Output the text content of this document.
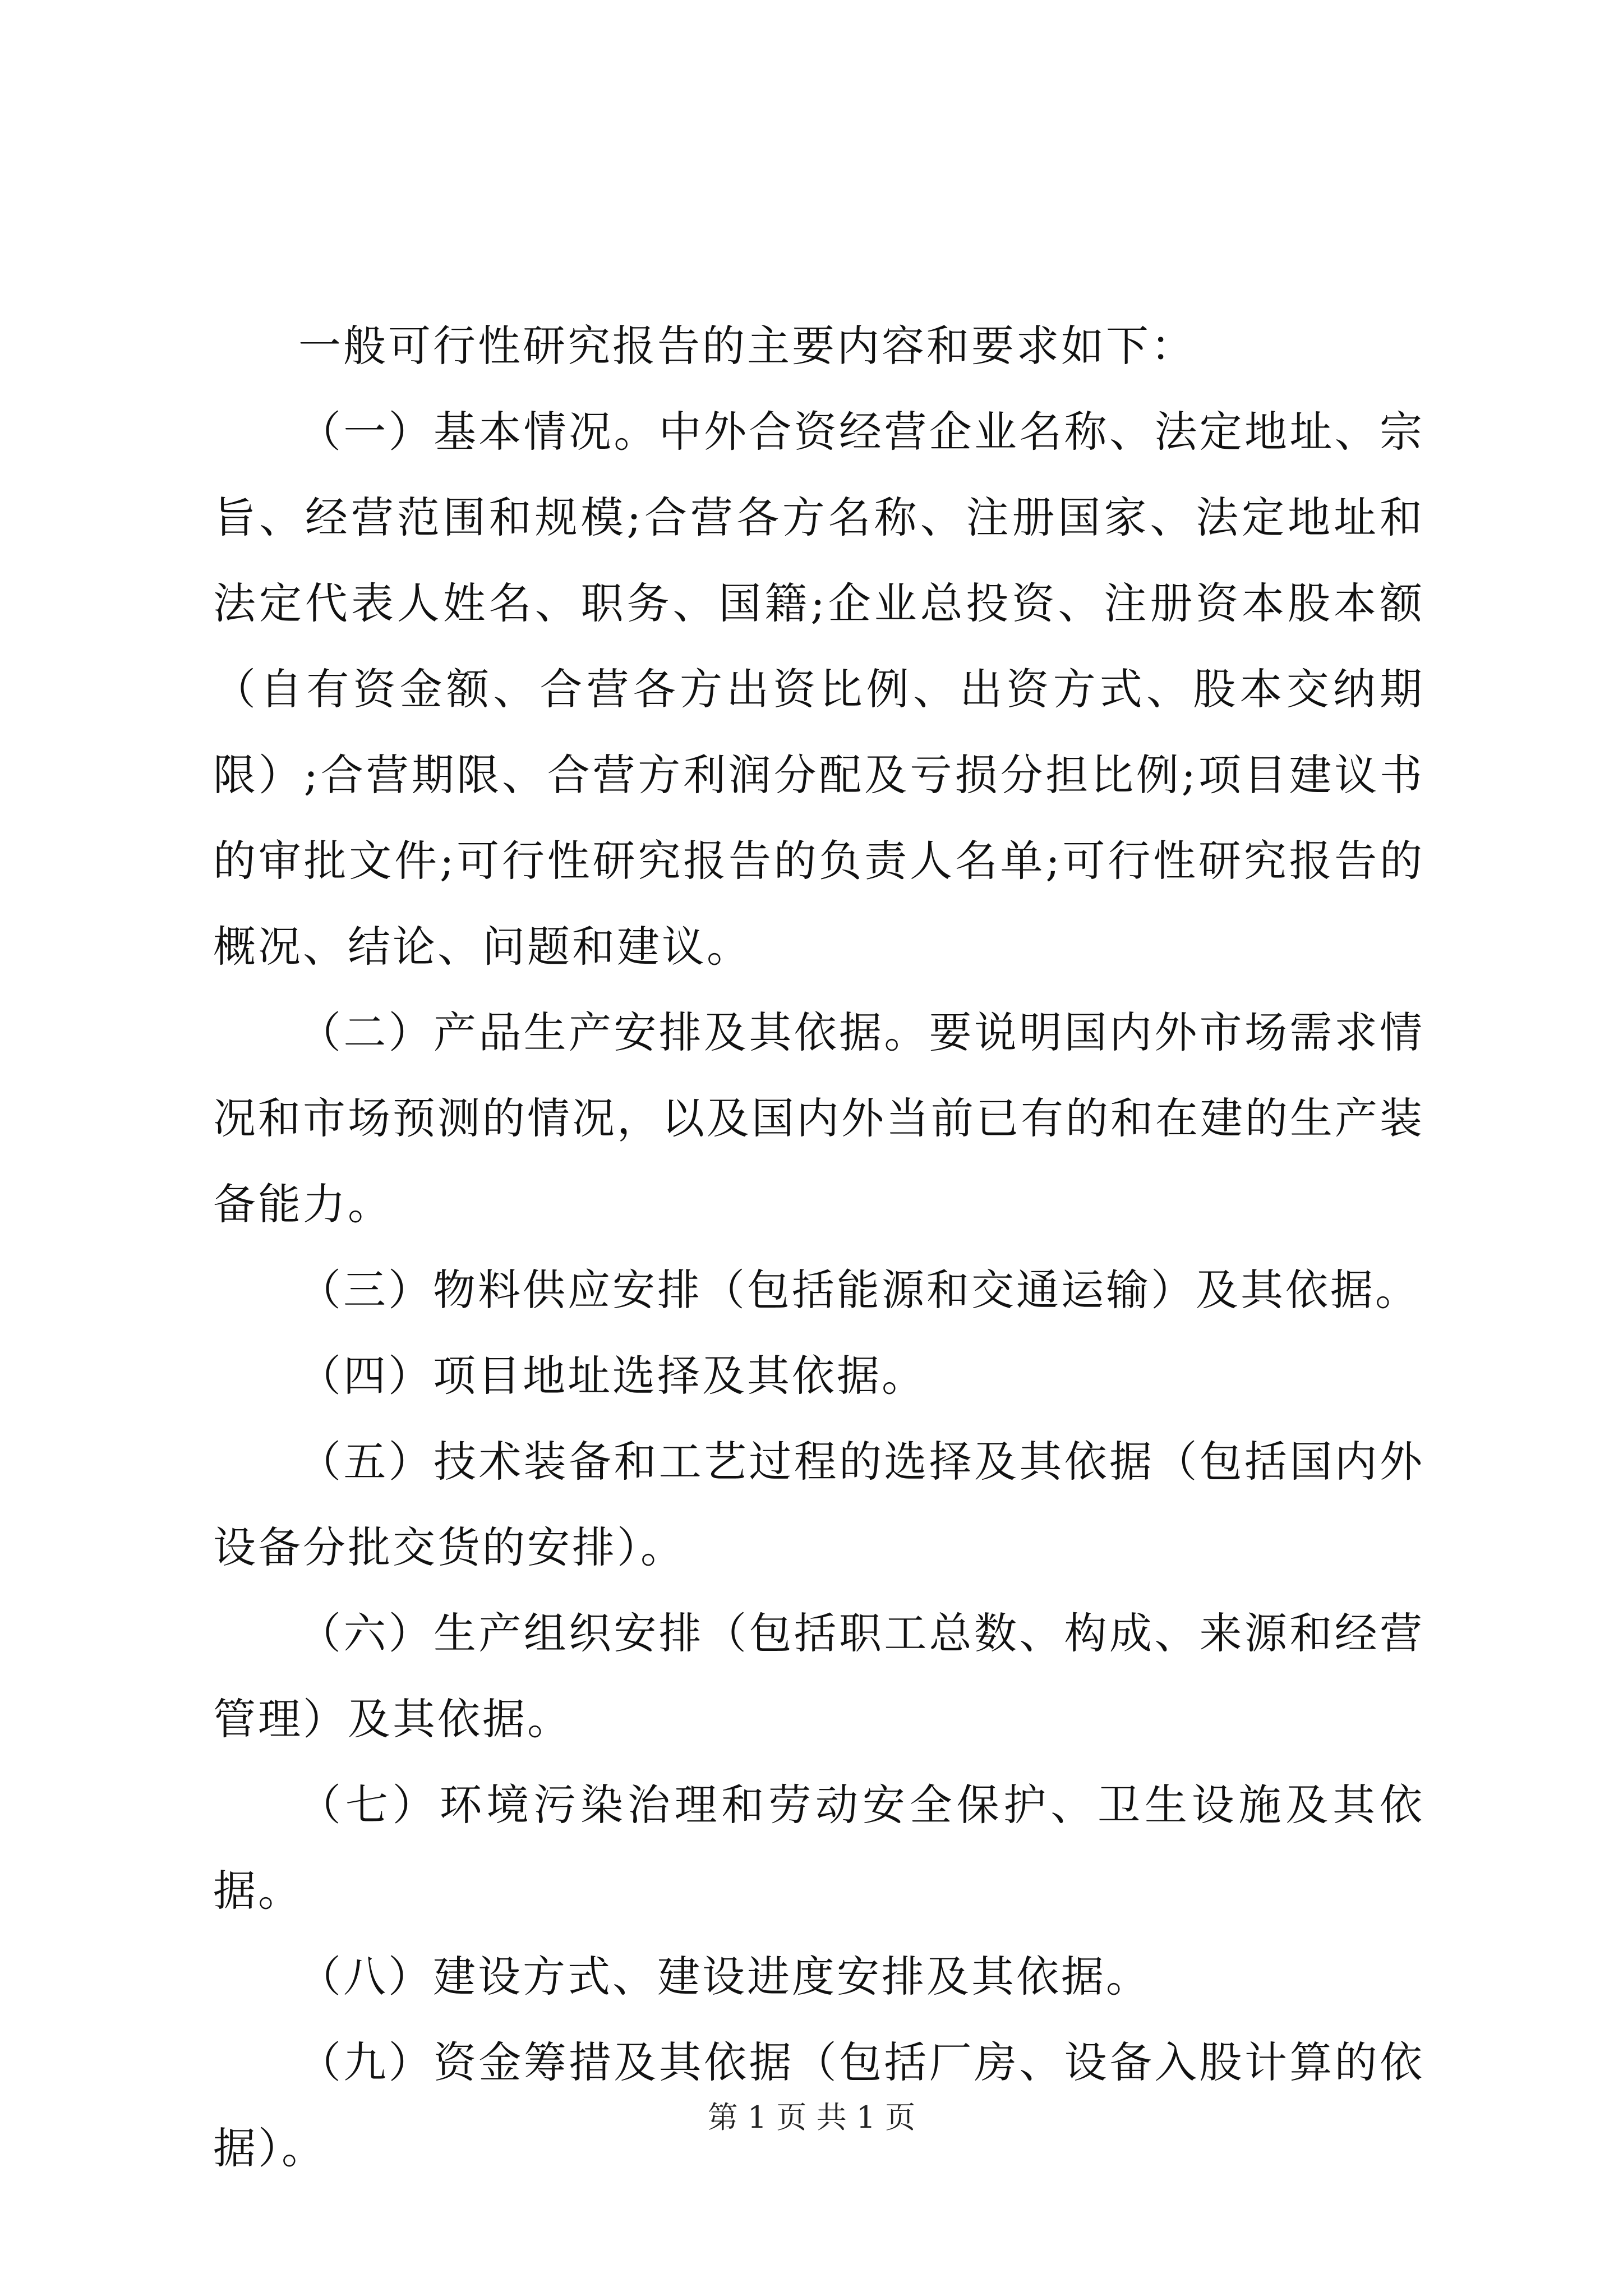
一般可行性研究报告的主要内容和要求如下：

（一）基本情况。中外合资经营企业名称、法定地址、宗旨、经营范围和规模;合营各方名称、注册国家、法定地址和法定代表人姓名、职务、国籍;企业总投资、注册资本股本额（自有资金额、合营各方出资比例、出资方式、股本交纳期限）;合营期限、合营方利润分配及亏损分担比例;项目建议书的审批文件;可行性研究报告的负责人名单;可行性研究报告的概况、结论、问题和建议。

（二）产品生产安排及其依据。要说明国内外市场需求情况和市场预测的情况，以及国内外当前已有的和在建的生产装备能力。

（三）物料供应安排（包括能源和交通运输）及其依据。

（四）项目地址选择及其依据。

（五）技术装备和工艺过程的选择及其依据（包括国内外设备分批交货的安排）。

（六）生产组织安排（包括职工总数、构成、来源和经营管理）及其依据。

（七）环境污染治理和劳动安全保护、卫生设施及其依据。

（八）建设方式、建设进度安排及其依据。

（九）资金筹措及其依据（包括厂房、设备入股计算的依据）。

第 1 页 共 1 页
